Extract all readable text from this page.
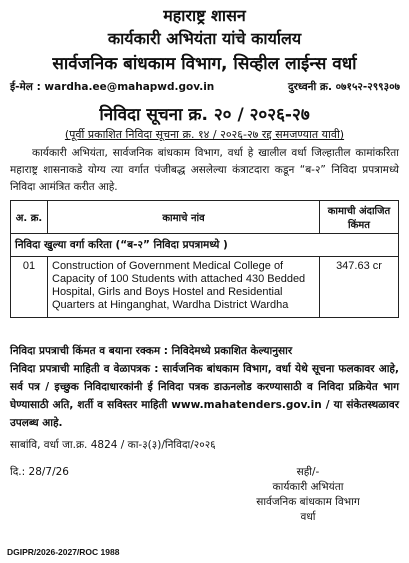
महाराष्ट्र शासन
कार्यकारी अभियंता यांचे कार्यालय
सार्वजनिक बांधकाम विभाग, सिव्हील लाईन्स वर्धा
ई-मेल : wardha.ee@mahapwd.gov.in	दुरध्वनी क्र. ०७१५२-२९९३०७
निविदा सूचना क्र. २० / २०२६-२७
(पूर्वी प्रकाशित निविदा सूचना क्र. १४ / २०२६-२७ रद्द समजण्यात यावी)
कार्यकारी अभियंता, सार्वजनिक बांधकाम विभाग, वर्धा हे खालील वर्धा जिल्हातील कामांकरिता महाराष्ट्र शासनाकडे योग्य त्या वर्गात पंजीबद्ध असलेल्या कंत्राटदारा कडून “ब-२” निविदा प्रपत्रामध्ये निविदा आमंत्रित करीत आहे.
अ. क्र.	कामाचे नांव	कामाची अंदाजित किंमत
निविदा खुल्या वर्गा करिता (“ब-२” निविदा प्रपत्रामध्ये )		
01	Construction of Government Medical College of Capacity of 100 Students with attached 430 Bedded Hospital, Girls and Boys Hostel and Residential Quarters at Hinganghat, Wardha District Wardha	347.63 cr
निविदा प्रपत्राची किंमत व बयाना रक्कम : निविदेमध्ये प्रकाशित केल्यानुसार
निविदा प्रपत्राची माहिती व वेळापत्रक : सार्वजनिक बांधकाम विभाग, वर्धा येथे सूचना फलकावर आहे, सर्व पत्र / इच्छुक निविदाधारकांनी ई निविदा पत्रक डाऊनलोड करण्यासाठी व निविदा प्रक्रियेत भाग घेण्यासाठी अति, शर्ती व सविस्तर माहिती www.mahatenders.gov.in / या संकेतस्थळावर उपलब्ध आहे.
साबांवि, वर्धा जा.क्र. 4824 / का-३(३)/निविदा/२०२६
दि.: 28/7/26	सही/-
कार्यकारी अभियंता
सार्वजनिक बांधकाम विभाग
वर्धा
DGIPR/2026-2027/ROC 1988
